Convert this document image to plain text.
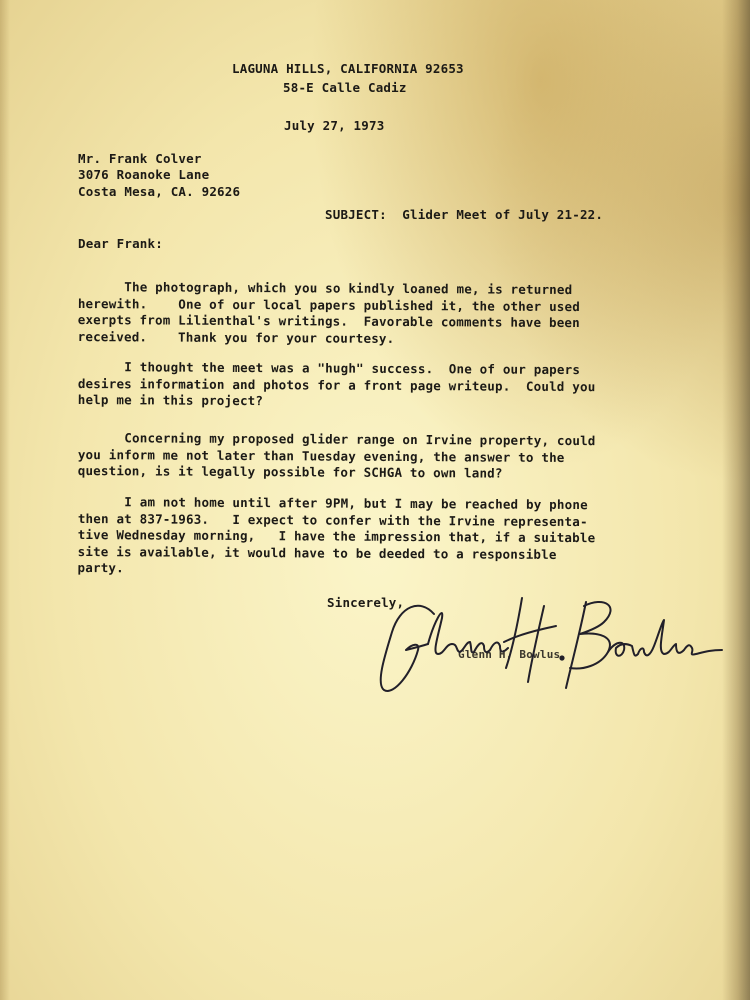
LAGUNA HILLS, CALIFORNIA 92653

58-E Calle Cadiz

July 27, 1973

Mr. Frank Colver

3076 Roanoke Lane

Costa Mesa, CA. 92626

SUBJECT:  Glider Meet of July 21-22.

Dear Frank:

The photograph, which you so kindly loaned me, is returned
herewith.    One of our local papers published it, the other used
exerpts from Lilienthal's writings.  Favorable comments have been
received.    Thank you for your courtesy.

I thought the meet was a "hugh" success.  One of our papers
desires information and photos for a front page writeup.  Could you
help me in this project?

Concerning my proposed glider range on Irvine property, could
you inform me not later than Tuesday evening, the answer to the
question, is it legally possible for SCHGA to own land?

I am not home until after 9PM, but I may be reached by phone
then at 837-1963.   I expect to confer with the Irvine representa-
tive Wednesday morning,   I have the impression that, if a suitable
site is available, it would have to be deeded to a responsible
party.

Sincerely,

Glenn H. Bowlus
